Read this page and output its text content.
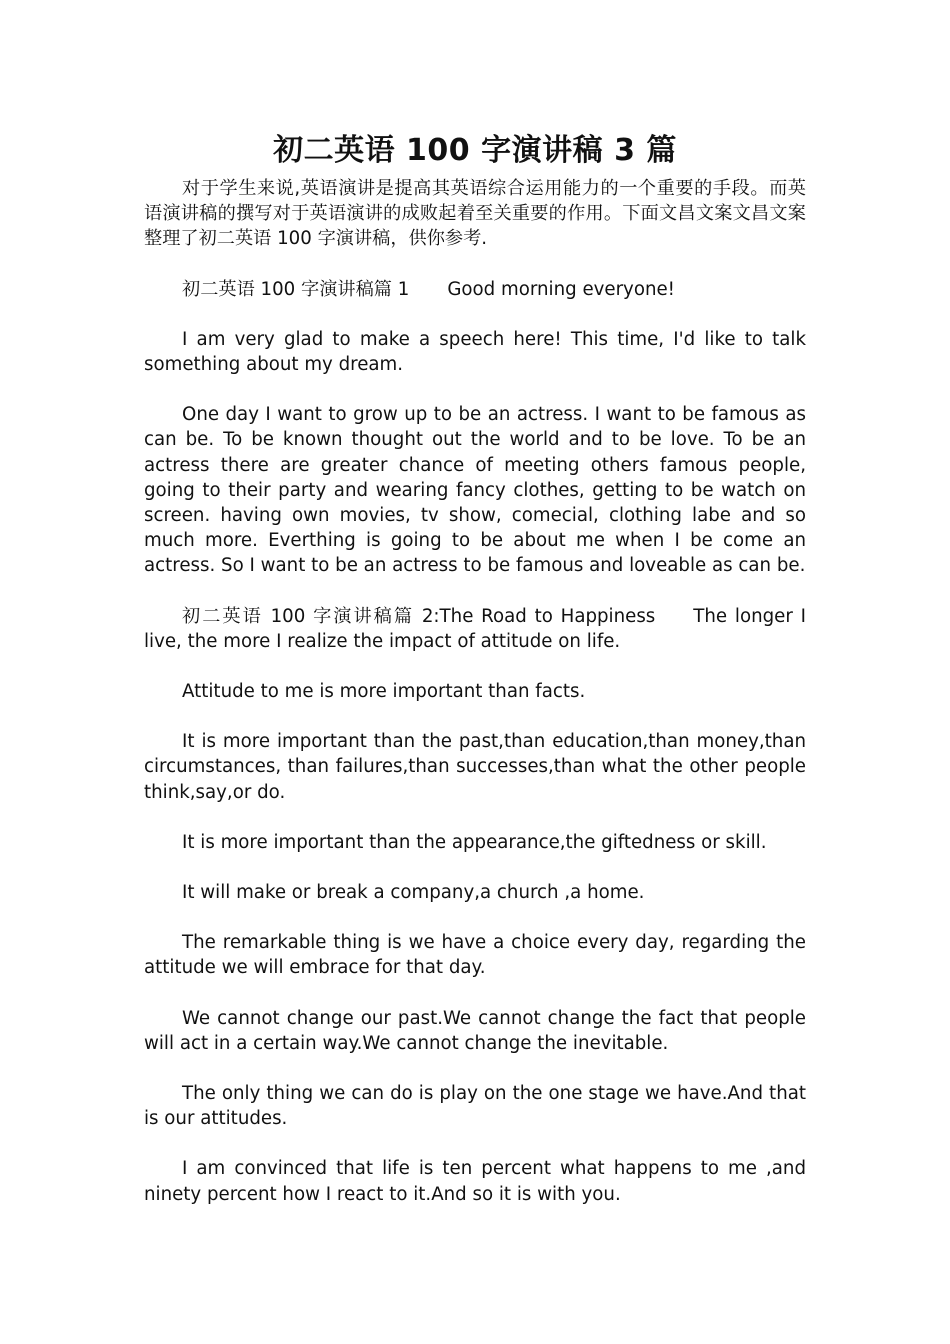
初二英语 100 字演讲稿 3 篇

对于学生来说,英语演讲是提高其英语综合运用能力的一个重要的手段。而英语演讲稿的撰写对于英语演讲的成败起着至关重要的作用。下面文昌文案文昌文案整理了初二英语 100 字演讲稿，供你参考.

初二英语 100 字演讲稿篇 1 Good morning everyone!

I am very glad to make a speech here! This time, I'd like to talk something about my dream.

One day I want to grow up to be an actress. I want to be famous as can be. To be known thought out the world and to be love. To be an actress there are greater chance of meeting others famous people, going to their party and wearing fancy clothes, getting to be watch on screen. having own movies, tv show, comecial, clothing labe and so much more. Everthing is going to be about me when I be come an actress. So I want to be an actress to be famous and loveable as can be.

初二英语 100 字演讲稿篇 2:The Road to Happiness The longer I live, the more I realize the impact of attitude on life.

Attitude to me is more important than facts.

It is more important than the past,than education,than money,than circumstances, than failures,than successes,than what the other people think,say,or do.

It is more important than the appearance,the giftedness or skill.

It will make or break a company,a church ,a home.

The remarkable thing is we have a choice every day, regarding the attitude we will embrace for that day.

We cannot change our past.We cannot change the fact that people will act in a certain way.We cannot change the inevitable.

The only thing we can do is play on the one stage we have.And that is our attitudes.

I am convinced that life is ten percent what happens to me ,and ninety percent how I react to it.And so it is with you.
